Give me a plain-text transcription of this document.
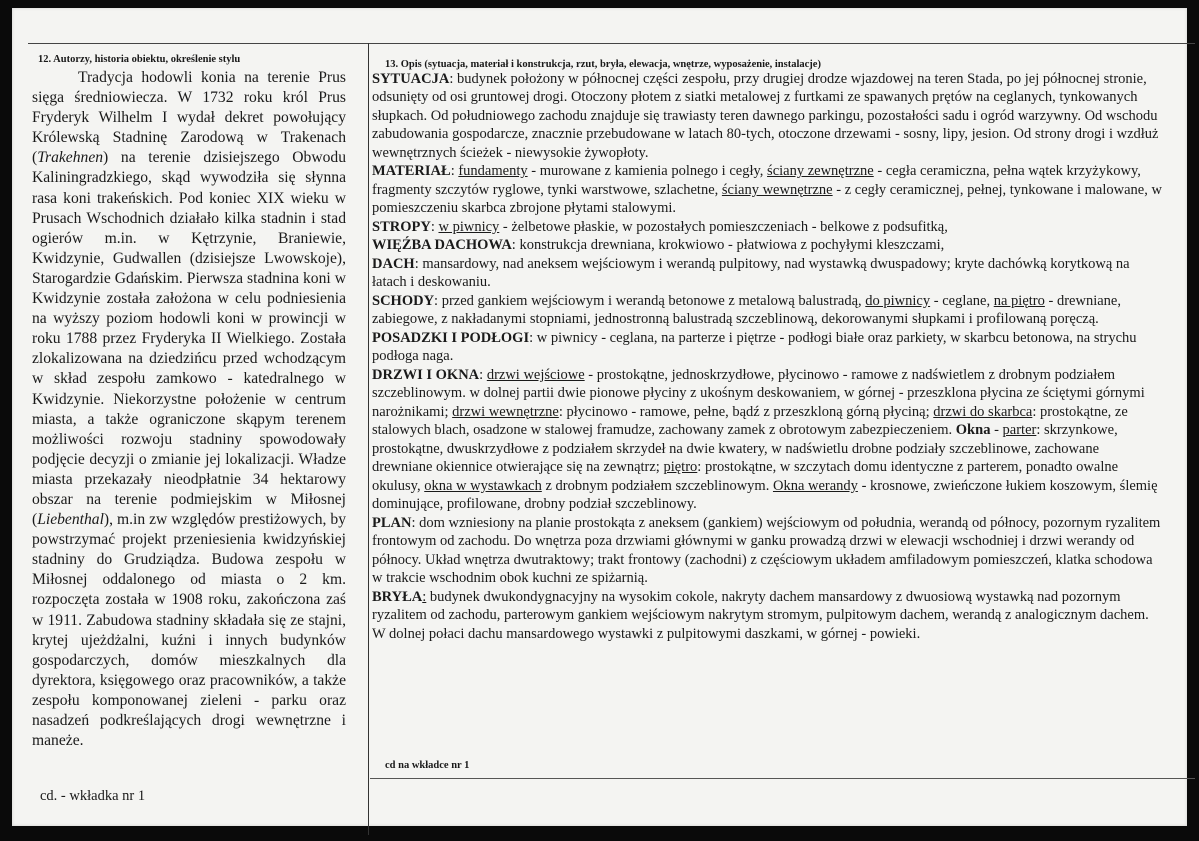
12. Autorzy, historia obiektu, określenie stylu	13. Opis (sytuacja, materiał i konstrukcja, rzut, bryła, elewacja, wnętrze, wyposażenie, instalacje)

Tradycja hodowli konia na terenie Prus sięga średniowiecza. W 1732 roku król Prus Fryderyk Wilhelm I wydał dekret powołujący Królewską Stadninę Zarodową w Trakenach (Trakehnen) na terenie dzisiejszego Obwodu Kaliningradzkiego, skąd wywodziła się słynna rasa koni trakeńskich. Pod koniec XIX wieku w Prusach Wschodnich działało kilka stadnin i stad ogierów m.in. w Kętrzynie, Braniewie, Kwidzynie, Gudwallen (dzisiejsze Lwowskoje), Starogardzie Gdańskim. Pierwsza stadnina koni w Kwidzynie została założona w celu podniesienia na wyższy poziom hodowli koni w prowincji w roku 1788 przez Fryderyka II Wielkiego. Została zlokalizowana na dziedzińcu przed wchodzącym w skład zespołu zamkowo - katedralnego w Kwidzynie. Niekorzystne położenie w centrum miasta, a także ograniczone skąpym terenem możliwości rozwoju stadniny spowodowały podjęcie decyzji o zmianie jej lokalizacji. Władze miasta przekazały nieodpłatnie 34 hektarowy obszar na terenie podmiejskim w Miłosnej (Liebenthal), m.in zw względów prestiżowych, by powstrzymać projekt przeniesienia kwidzyńskiej stadniny do Grudziądza. Budowa zespołu w Miłosnej oddalonego od miasta o 2 km. rozpoczęta została w 1908 roku, zakończona zaś w 1911. Zabudowa stadniny składała się ze stajni, krytej ujeżdżalni, kuźni i innych budynków gospodarczych, domów mieszkalnych dla dyrektora, księgowego oraz pracowników, a także zespołu komponowanej zieleni - parku oraz nasadzeń podkreślających drogi wewnętrzne i maneże.

cd. - wkładka nr 1

SYTUACJA: budynek położony w północnej części zespołu, przy drugiej drodze wjazdowej na teren Stada, po jej północnej stronie, odsunięty od osi gruntowej drogi. Otoczony płotem z siatki metalowej z furtkami ze spawanych prętów na ceglanych, tynkowanych słupkach. Od południowego zachodu znajduje się trawiasty teren dawnego parkingu, pozostałości sadu i ogród warzywny. Od wschodu zabudowania gospodarcze, znacznie przebudowane w latach 80-tych, otoczone drzewami - sosny, lipy, jesion. Od strony drogi i wzdłuż wewnętrznych ścieżek - niewysokie żywopłoty.

MATERIAŁ: fundamenty - murowane z kamienia polnego i cegły, ściany zewnętrzne - cegła ceramiczna, pełna wątek krzyżykowy, fragmenty szczytów ryglowe, tynki warstwowe, szlachetne, ściany wewnętrzne - z cegły ceramicznej, pełnej, tynkowane i malowane, w pomieszczeniu skarbca zbrojone płytami stalowymi.

STROPY: w piwnicy - żelbetowe płaskie, w pozostałych pomieszczeniach - belkowe z podsufitką,

WIĘŹBA DACHOWA: konstrukcja drewniana, krokwiowo - płatwiowa z pochyłymi kleszczami,

DACH: mansardowy, nad aneksem wejściowym i werandą pulpitowy, nad wystawką dwuspadowy; kryte dachówką korytkową na łatach i deskowaniu.

SCHODY: przed gankiem wejściowym i werandą betonowe z metalową balustradą, do piwnicy - ceglane, na piętro - drewniane, zabiegowe, z nakładanymi stopniami, jednostronną balustradą szczeblinową, dekorowanymi słupkami i profilowaną poręczą.

POSADZKI I PODŁOGI: w piwnicy - ceglana, na parterze i piętrze - podłogi białe oraz parkiety, w skarbcu betonowa, na strychu podłoga naga.

DRZWI I OKNA: drzwi wejściowe - prostokątne, jednoskrzydłowe, płycinowo - ramowe z nadświetlem z drobnym podziałem szczeblinowym. w dolnej partii dwie pionowe płyciny z ukośnym deskowaniem, w górnej - przeszklona płycina ze ściętymi górnymi narożnikami; drzwi wewnętrzne: płycinowo - ramowe, pełne, bądź z przeszkloną górną płyciną; drzwi do skarbca: prostokątne, ze stalowych blach, osadzone w stalowej framudze, zachowany zamek z obrotowym zabezpieczeniem. Okna - parter: skrzynkowe, prostokątne, dwuskrzydłowe z podziałem skrzydeł na dwie kwatery, w nadświetlu drobne podziały szczeblinowe, zachowane drewniane okiennice otwierające się na zewnątrz; piętro: prostokątne, w szczytach domu identyczne z parterem, ponadto owalne okulusy, okna w wystawkach z drobnym podziałem szczeblinowym. Okna werandy - krosnowe, zwieńczone łukiem koszowym, ślemię dominujące, profilowane, drobny podział szczeblinowy.

PLAN: dom wzniesiony na planie prostokąta z aneksem (gankiem) wejściowym od południa, werandą od północy, pozornym ryzalitem frontowym od zachodu. Do wnętrza poza drzwiami głównymi w ganku prowadzą drzwi w elewacji wschodniej i drzwi werandy od północy. Układ wnętrza dwutraktowy; trakt frontowy (zachodni) z częściowym układem amfiladowym pomieszczeń, klatka schodowa w trakcie wschodnim obok kuchni ze spiżarnią.

BRYŁA: budynek dwukondygnacyjny na wysokim cokole, nakryty dachem mansardowy z dwuosiową wystawką nad pozornym ryzalitem od zachodu, parterowym gankiem wejściowym nakrytym stromym, pulpitowym dachem, werandą z analogicznym dachem. W dolnej połaci dachu mansardowego wystawki z pulpitowymi daszkami, w górnej - powieki.

cd na wkładce nr 1
